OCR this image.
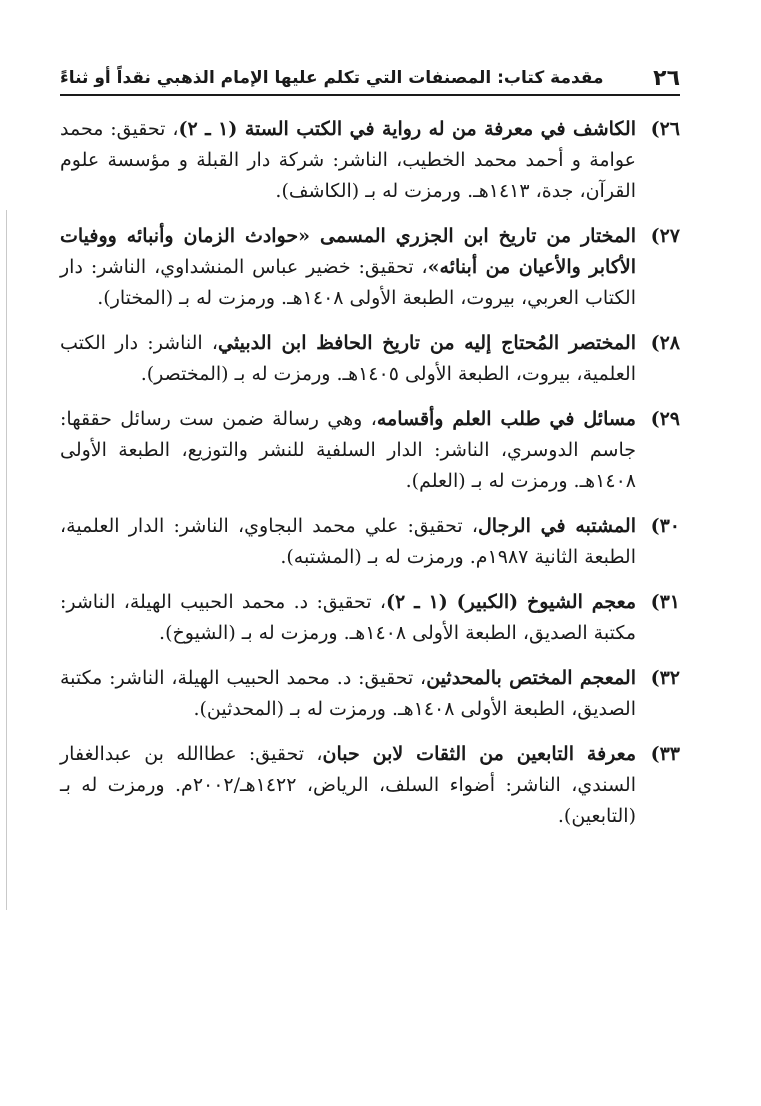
٢٦
مقدمة كتاب: المصنفات التي تكلم عليها الإمام الذهبي نقداً أو ثناءً
٢٦)
الكاشف في معرفة من له رواية في الكتب الستة (١ ـ ٢)، تحقيق: محمد عوامة و أحمد محمد الخطيب، الناشر: شركة دار القبلة و مؤسسة علوم القرآن، جدة، ١٤١٣هـ. ورمزت له بـ (الكاشف).
٢٧)
المختار من تاريخ ابن الجزري المسمى «حوادث الزمان وأنبائه ووفيات الأكابر والأعيان من أبنائه»، تحقيق: خضير عباس المنشداوي، الناشر: دار الكتاب العربي، بيروت، الطبعة الأولى ١٤٠٨هـ. ورمزت له بـ (المختار).
٢٨)
المختصر المُحتاج إليه من تاريخ الحافظ ابن الدبيثي، الناشر: دار الكتب العلمية، بيروت، الطبعة الأولى ١٤٠٥هـ. ورمزت له بـ (المختصر).
٢٩)
مسائل في طلب العلم وأقسامه، وهي رسالة ضمن ست رسائل حققها: جاسم الدوسري، الناشر: الدار السلفية للنشر والتوزيع، الطبعة الأولى ١٤٠٨هـ. ورمزت له بـ (العلم).
٣٠)
المشتبه في الرجال، تحقيق: علي محمد البجاوي، الناشر: الدار العلمية، الطبعة الثانية ١٩٨٧م. ورمزت له بـ (المشتبه).
٣١)
معجم الشيوخ (الكبير) (١ ـ ٢)، تحقيق: د. محمد الحبيب الهيلة، الناشر: مكتبة الصديق، الطبعة الأولى ١٤٠٨هـ. ورمزت له بـ (الشيوخ).
٣٢)
المعجم المختص بالمحدثين، تحقيق: د. محمد الحبيب الهيلة، الناشر: مكتبة الصديق، الطبعة الأولى ١٤٠٨هـ. ورمزت له بـ (المحدثين).
٣٣)
معرفة التابعين من الثقات لابن حبان، تحقيق: عطاالله بن عبدالغفار السندي، الناشر: أضواء السلف، الرياض، ١٤٢٢هـ/٢٠٠٢م. ورمزت له بـ (التابعين).
